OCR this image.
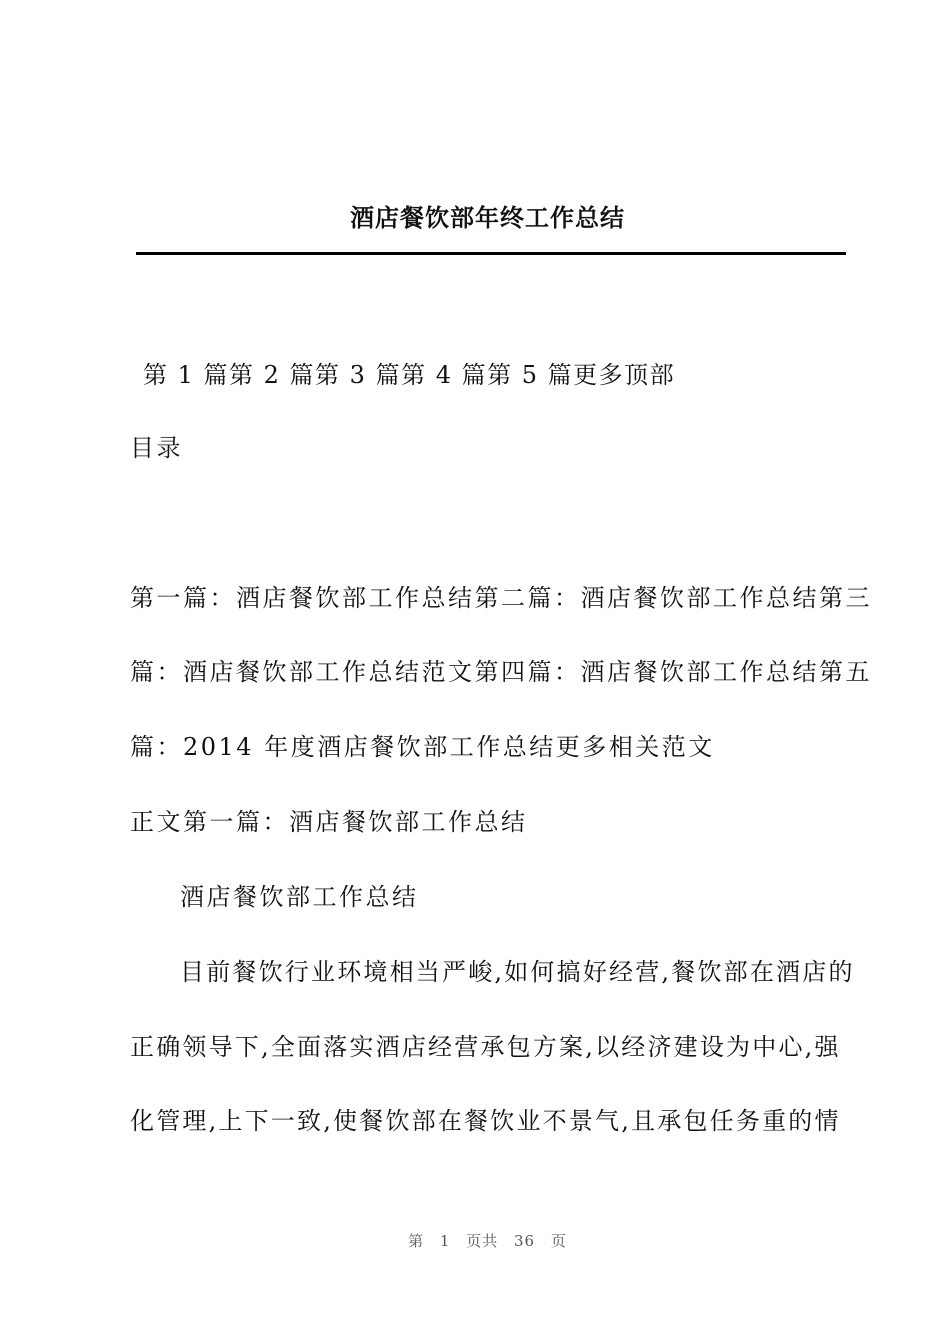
酒店餐饮部年终工作总结
第 1 篇第 2 篇第 3 篇第 4 篇第 5 篇更多顶部
目录
第一篇：酒店餐饮部工作总结第二篇：酒店餐饮部工作总结第三
篇：酒店餐饮部工作总结范文第四篇：酒店餐饮部工作总结第五
篇：2014 年度酒店餐饮部工作总结更多相关范文
正文第一篇：酒店餐饮部工作总结
酒店餐饮部工作总结
目前餐饮行业环境相当严峻,如何搞好经营,餐饮部在酒店的
正确领导下,全面落实酒店经营承包方案,以经济建设为中心,强
化管理,上下一致,使餐饮部在餐饮业不景气,且承包任务重的情
第 1 页共 36 页
